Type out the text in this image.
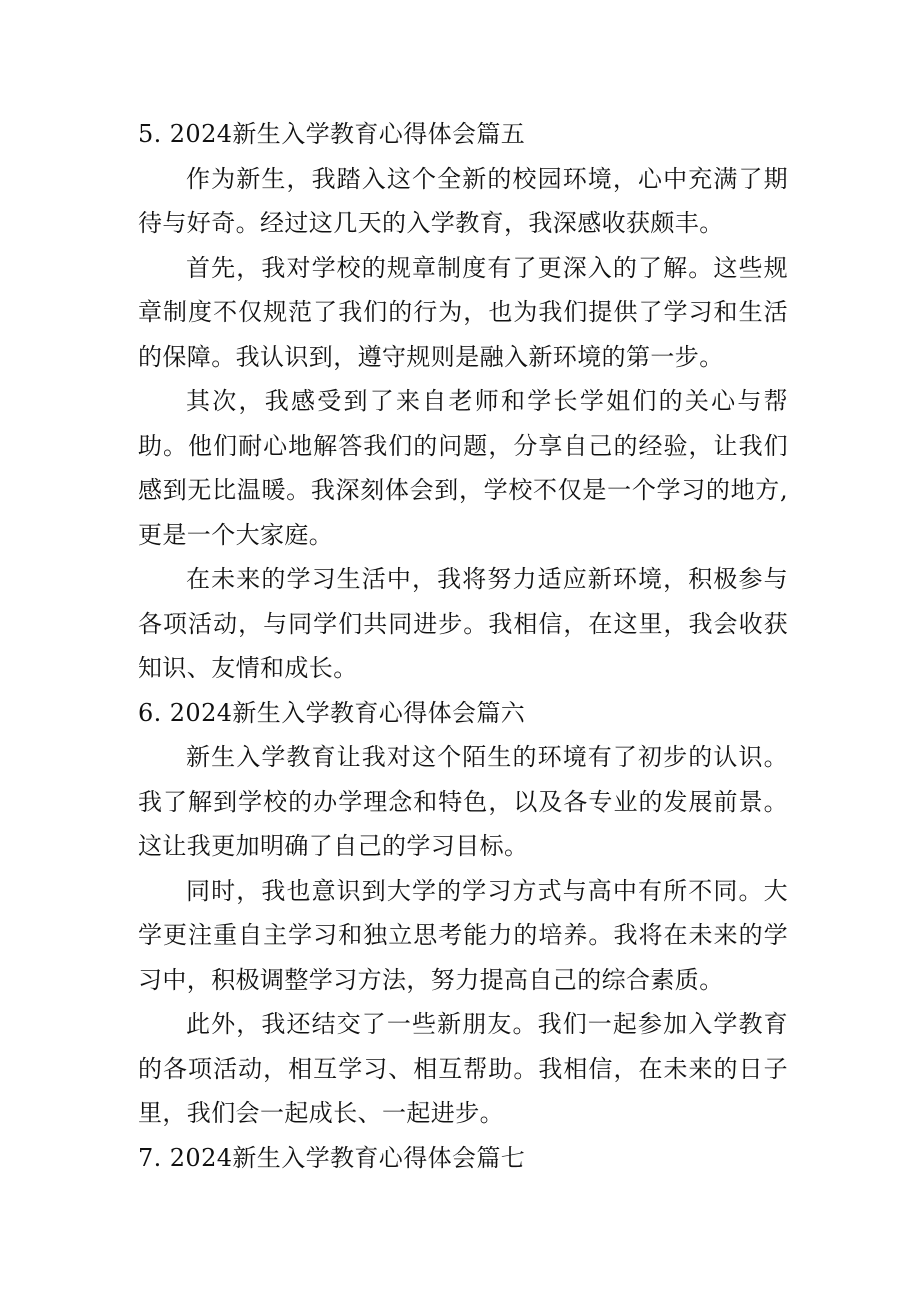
5. 2024新生入学教育心得体会篇五

作为新生，我踏入这个全新的校园环境，心中充满了期待与好奇。经过这几天的入学教育，我深感收获颇丰。

首先，我对学校的规章制度有了更深入的了解。这些规章制度不仅规范了我们的行为，也为我们提供了学习和生活的保障。我认识到，遵守规则是融入新环境的第一步。

其次，我感受到了来自老师和学长学姐们的关心与帮助。他们耐心地解答我们的问题，分享自己的经验，让我们感到无比温暖。我深刻体会到，学校不仅是一个学习的地方,更是一个大家庭。

在未来的学习生活中，我将努力适应新环境，积极参与各项活动，与同学们共同进步。我相信，在这里，我会收获知识、友情和成长。

6. 2024新生入学教育心得体会篇六

新生入学教育让我对这个陌生的环境有了初步的认识。我了解到学校的办学理念和特色，以及各专业的发展前景。这让我更加明确了自己的学习目标。

同时，我也意识到大学的学习方式与高中有所不同。大学更注重自主学习和独立思考能力的培养。我将在未来的学习中，积极调整学习方法，努力提高自己的综合素质。

此外，我还结交了一些新朋友。我们一起参加入学教育的各项活动，相互学习、相互帮助。我相信，在未来的日子里，我们会一起成长、一起进步。

7. 2024新生入学教育心得体会篇七
